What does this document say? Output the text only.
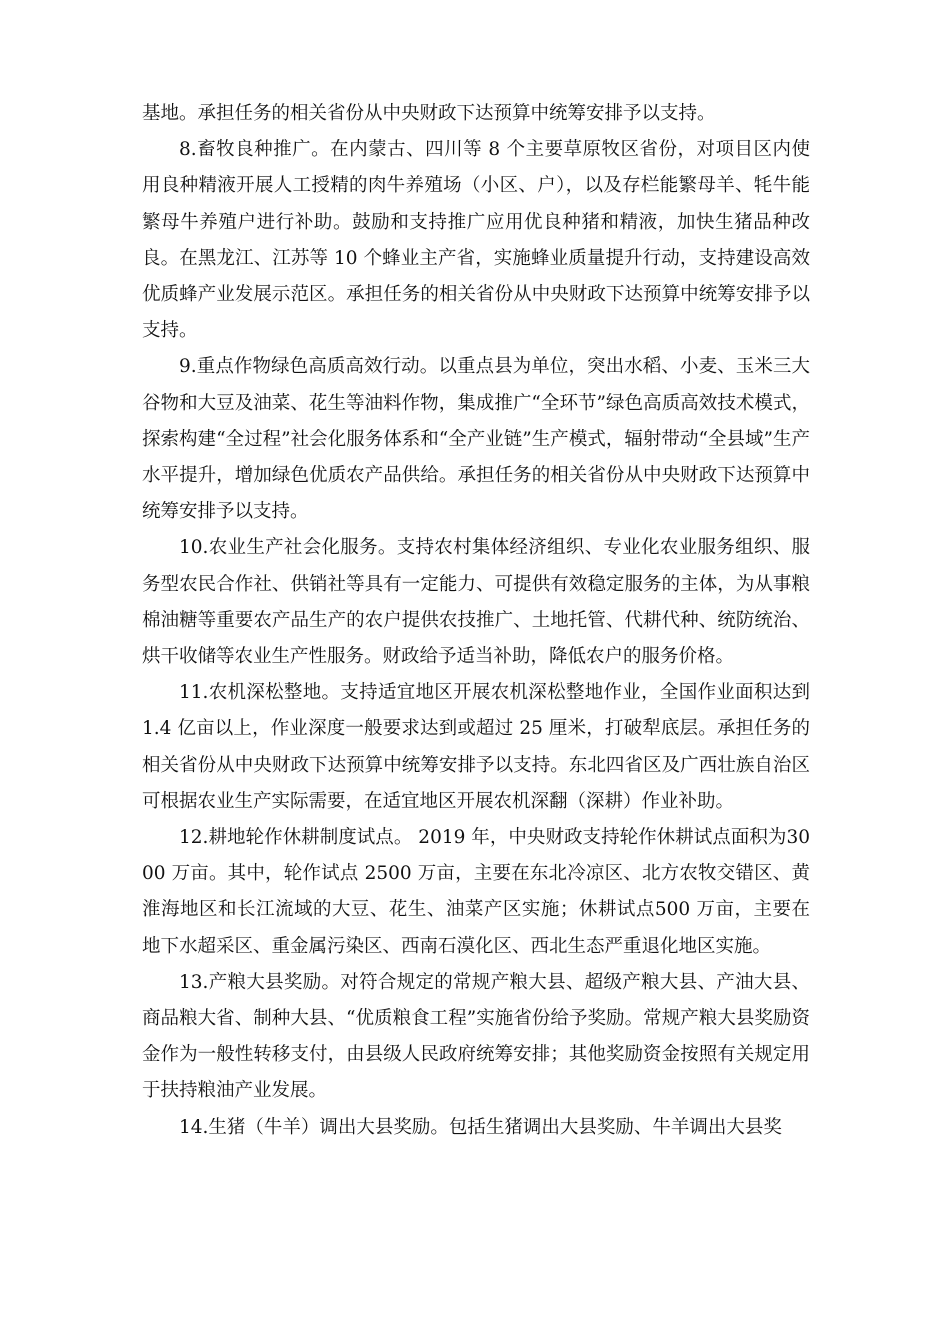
基地。承担任务的相关省份从中央财政下达预算中统筹安排予以支持。

8.畜牧良种推广。在内蒙古、四川等 8 个主要草原牧区省份，对项目区内使用良种精液开展人工授精的肉牛养殖场（小区、户），以及存栏能繁母羊、牦牛能繁母牛养殖户进行补助。鼓励和支持推广应用优良种猪和精液，加快生猪品种改良。在黑龙江、江苏等 10 个蜂业主产省，实施蜂业质量提升行动，支持建设高效优质蜂产业发展示范区。承担任务的相关省份从中央财政下达预算中统筹安排予以支持。

9.重点作物绿色高质高效行动。以重点县为单位，突出水稻、小麦、玉米三大谷物和大豆及油菜、花生等油料作物，集成推广“全环节”绿色高质高效技术模式，探索构建“全过程”社会化服务体系和“全产业链”生产模式，辐射带动“全县域”生产水平提升，增加绿色优质农产品供给。承担任务的相关省份从中央财政下达预算中统筹安排予以支持。

10.农业生产社会化服务。支持农村集体经济组织、专业化农业服务组织、服务型农民合作社、供销社等具有一定能力、可提供有效稳定服务的主体，为从事粮棉油糖等重要农产品生产的农户提供农技推广、土地托管、代耕代种、统防统治、烘干收储等农业生产性服务。财政给予适当补助，降低农户的服务价格。

11.农机深松整地。支持适宜地区开展农机深松整地作业，全国作业面积达到 1.4 亿亩以上，作业深度一般要求达到或超过 25 厘米，打破犁底层。承担任务的相关省份从中央财政下达预算中统筹安排予以支持。东北四省区及广西壮族自治区可根据农业生产实际需要，在适宜地区开展农机深翻（深耕）作业补助。

12.耕地轮作休耕制度试点。 2019 年，中央财政支持轮作休耕试点面积为3000 万亩。其中，轮作试点 2500 万亩，主要在东北冷凉区、北方农牧交错区、黄淮海地区和长江流域的大豆、花生、油菜产区实施；休耕试点500 万亩，主要在地下水超采区、重金属污染区、西南石漠化区、西北生态严重退化地区实施。

13.产粮大县奖励。对符合规定的常规产粮大县、超级产粮大县、产油大县、商品粮大省、制种大县、“优质粮食工程”实施省份给予奖励。常规产粮大县奖励资金作为一般性转移支付，由县级人民政府统筹安排；其他奖励资金按照有关规定用于扶持粮油产业发展。

14.生猪（牛羊）调出大县奖励。包括生猪调出大县奖励、牛羊调出大县奖
